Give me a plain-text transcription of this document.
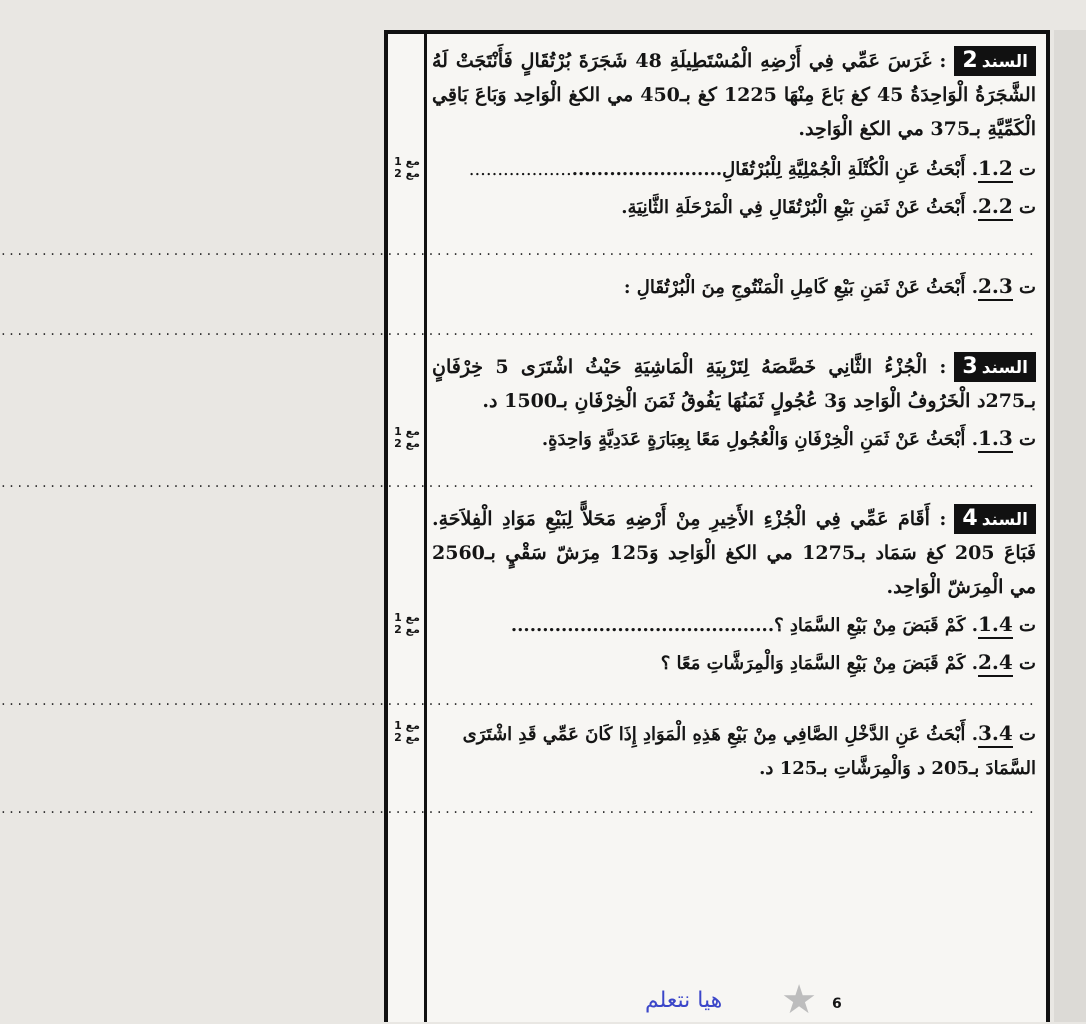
السند2
: غَرَسَ عَمِّي فِي أَرْضِهِ الْمُسْتَطِيلَةِ 48 شَجَرَةَ بُرْتُقَالٍ فَأَنْتَجَتْ لَهُ الشَّجَرَةُ الْوَاحِدَةُ 45 كغ بَاعَ مِنْهَا 1225 كغ بـ450 مي الكغ الْوَاحِد وَبَاعَ بَاقِي الْكَمِّيَّةِ بـ375 مي الكغ الْوَاحِد.
مع 1
مع 2	ت 1.2. أَبْحَثُ عَنِ الْكُتْلَةِ الْجُمْلِيَّةِ لِلْبُرْتُقَالِ..........................................
ت 2.2. أَبْحَثُ عَنْ ثَمَنِ بَيْعِ الْبُرْتُقَالِ فِي الْمَرْحَلَةِ الثَّانِيَةِ.
.....
ت 2.3. أَبْحَثُ عَنْ ثَمَنِ بَيْعِ كَامِلِ الْمَنْتُوجِ مِنَ الْبُرْتُقَالِ :
.....
السند3
: الْجُزْءُ الثَّانِي خَصَّصَهُ لِتَرْبِيَةِ الْمَاشِيَةِ حَيْثُ اشْتَرَى 5 خِرْفَانٍ بـ275د الْخَرُوفُ الْوَاحِد وَ3 عُجُولٍ ثَمَنُهَا يَفُوقُ ثَمَنَ الْخِرْفَانِ بـ1500 د.
مع 1
مع 2	ت 1.3. أَبْحَثُ عَنْ ثَمَنِ الْخِرْفَانِ وَالْعُجُولِ مَعًا بِعِبَارَةٍ عَدَدِيَّةٍ وَاحِدَةٍ.
.....
السند4
: أَقَامَ عَمِّي فِي الْجُزْءِ الأَخِيرِ مِنْ أَرْضِهِ مَحَلاًّ لِبَيْعِ مَوَادِ الْفِلاَحَةِ. فَبَاعَ 205 كغ سَمَاد بـ1275 مي الكغ الْوَاحِد وَ125 مِرَشّ سَقْيٍ بـ2560 مي الْمِرَشّ الْوَاحِد.
مع 1
مع 2	ت 1.4. كَمْ قَبَضَ مِنْ بَيْعِ السَّمَادِ ؟..........................................
ت 2.4. كَمْ قَبَضَ مِنْ بَيْعِ السَّمَادِ وَالْمِرَشَّاتِ مَعًا ؟
.....
مع 1
مع 2	ت 3.4. أَبْحَثُ عَنِ الدَّخْلِ الصَّافِي مِنْ بَيْعِ هَذِهِ الْمَوَادِ إِذَا كَانَ عَمِّي قَدِ اشْتَرَى السَّمَادَ بـ205 د وَالْمِرَشَّاتِ بـ125 د.
.....
★ 6
هيا نتعلم
